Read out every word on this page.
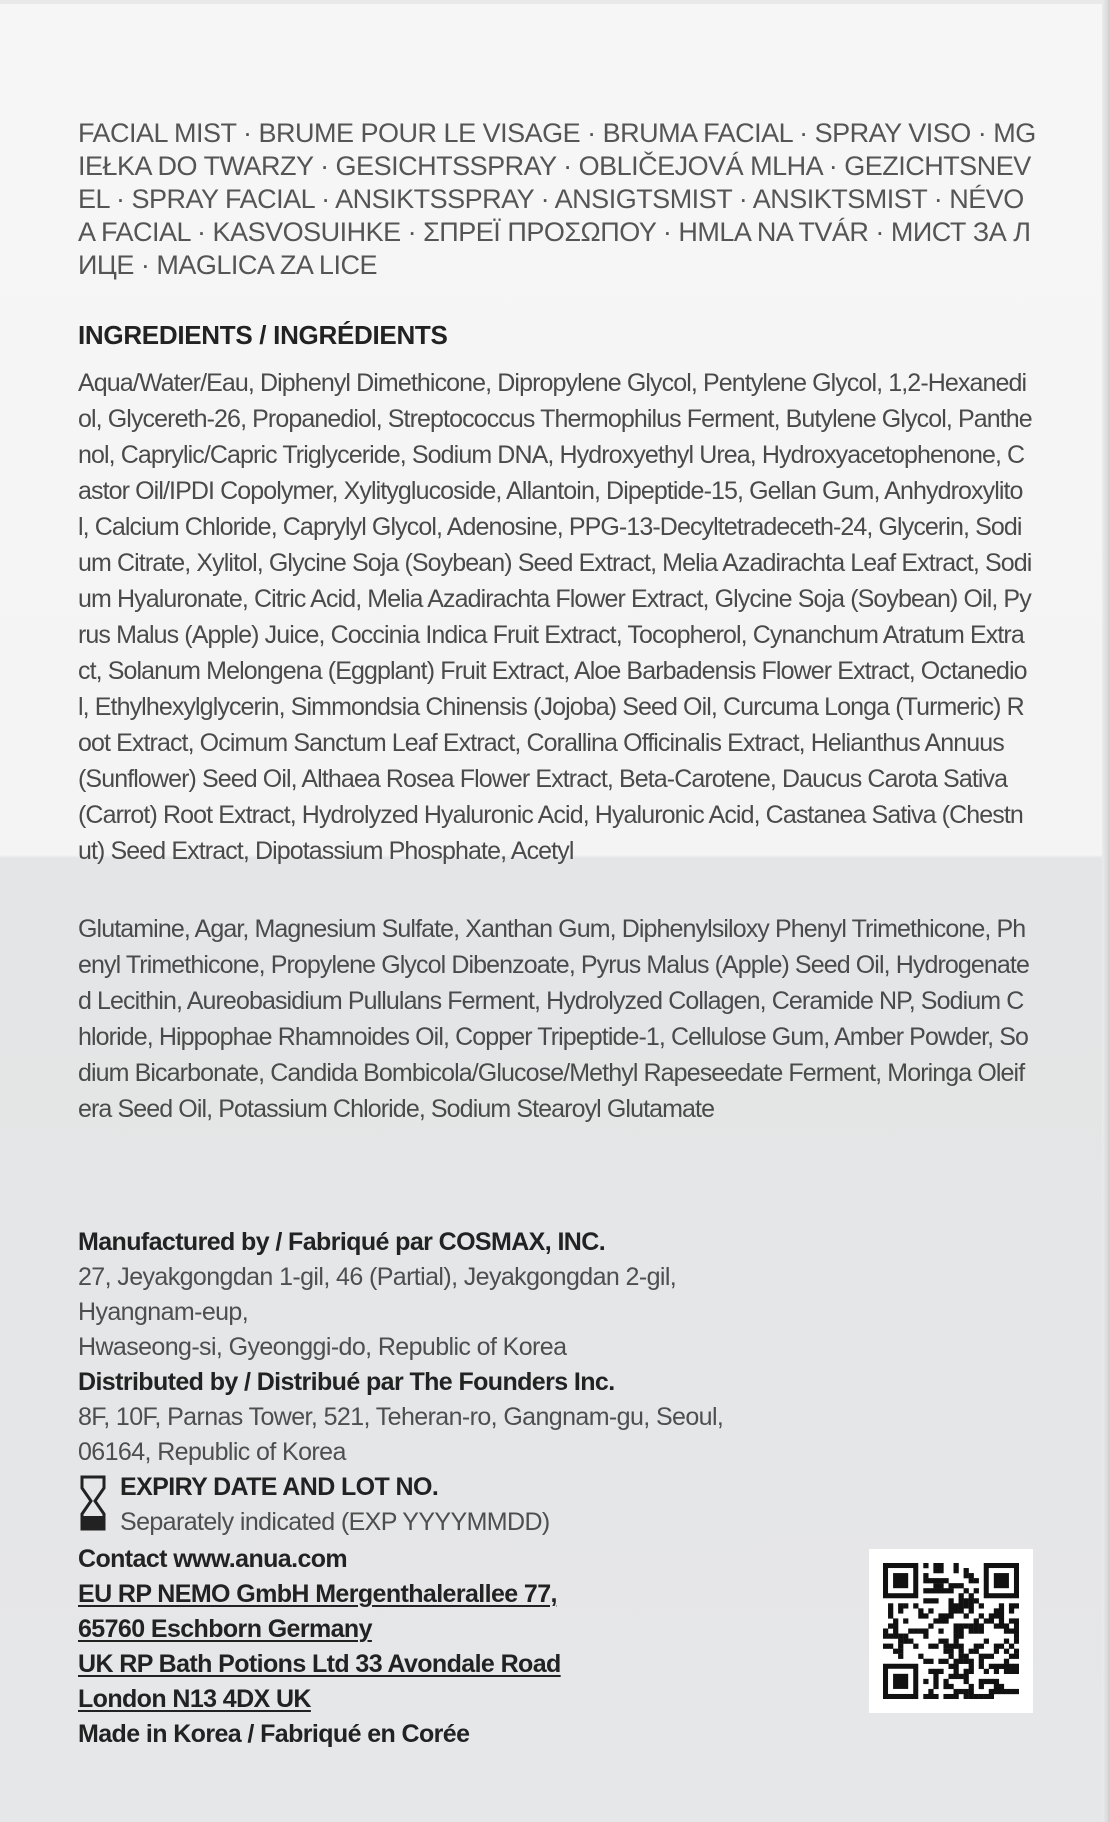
FACIAL MIST · BRUME POUR LE VISAGE · BRUMA FACIAL · SPRAY VISO · MGIEŁKA DO TWARZY · GESICHTSSPRAY · OBLIČEJOVÁ MLHA · GEZICHTSNEVEL · SPRAY FACIAL · ANSIKTSSPRAY · ANSIGTSMIST · ANSIKTSMIST · NÉVOA FACIAL · KASVOSUIHKE · ΣΠΡΕΪ ΠΡΟΣΩΠΟΥ · HMLA NA TVÁR · МИСТ ЗА ЛИЦЕ · MAGLICA ZA LICE
INGREDIENTS / INGRÉDIENTS
Aqua/Water/Eau, Diphenyl Dimethicone, Dipropylene Glycol, Pentylene Glycol, 1,2-Hexanediol, Glycereth-26, Propanediol, Streptococcus Thermophilus Ferment, Butylene Glycol, Panthenol, Caprylic/Capric Triglyceride, Sodium DNA, Hydroxyethyl Urea, Hydroxyacetophenone, Castor Oil/IPDI Copolymer, Xylityglucoside, Allantoin, Dipeptide-15, Gellan Gum, Anhydroxylitol, Calcium Chloride, Caprylyl Glycol, Adenosine, PPG-13-Decyltetradeceth-24, Glycerin, Sodium Citrate, Xylitol, Glycine Soja (Soybean) Seed Extract, Melia Azadirachta Leaf Extract, Sodium Hyaluronate, Citric Acid, Melia Azadirachta Flower Extract, Glycine Soja (Soybean) Oil, Pyrus Malus (Apple) Juice, Coccinia Indica Fruit Extract, Tocopherol, Cynanchum Atratum Extract, Solanum Melongena (Eggplant) Fruit Extract, Aloe Barbadensis Flower Extract, Octanediol, Ethylhexylglycerin, Simmondsia Chinensis (Jojoba) Seed Oil, Curcuma Longa (Turmeric) Root Extract, Ocimum Sanctum Leaf Extract, Corallina Officinalis Extract, Helianthus Annuus (Sunflower) Seed Oil, Althaea Rosea Flower Extract, Beta-Carotene, Daucus Carota Sativa (Carrot) Root Extract, Hydrolyzed Hyaluronic Acid, Hyaluronic Acid, Castanea Sativa (Chestnut) Seed Extract, Dipotassium Phosphate, Acetyl
Glutamine, Agar, Magnesium Sulfate, Xanthan Gum, Diphenylsiloxy Phenyl Trimethicone, Phenyl Trimethicone, Propylene Glycol Dibenzoate, Pyrus Malus (Apple) Seed Oil, Hydrogenated Lecithin, Aureobasidium Pullulans Ferment, Hydrolyzed Collagen, Ceramide NP, Sodium Chloride, Hippophae Rhamnoides Oil, Copper Tripeptide-1, Cellulose Gum, Amber Powder, Sodium Bicarbonate, Candida Bombicola/Glucose/Methyl Rapeseedate Ferment, Moringa Oleifera Seed Oil, Potassium Chloride, Sodium Stearoyl Glutamate
Manufactured by / Fabriqué par COSMAX, INC.
27, Jeyakgongdan 1-gil, 46 (Partial), Jeyakgongdan 2-gil, Hyangnam-eup,
Hwaseong-si, Gyeonggi-do, Republic of Korea
Distributed by / Distribué par The Founders Inc.
8F, 10F, Parnas Tower, 521, Teheran-ro, Gangnam-gu, Seoul,
06164, Republic of Korea
EXPIRY DATE AND LOT NO.
Separately indicated (EXP YYYYMMDD)
Contact www.anua.com
EU RP NEMO GmbH Mergenthalerallee 77,
65760 Eschborn Germany
UK RP Bath Potions Ltd 33 Avondale Road
London N13 4DX UK
Made in Korea / Fabriqué en Corée
